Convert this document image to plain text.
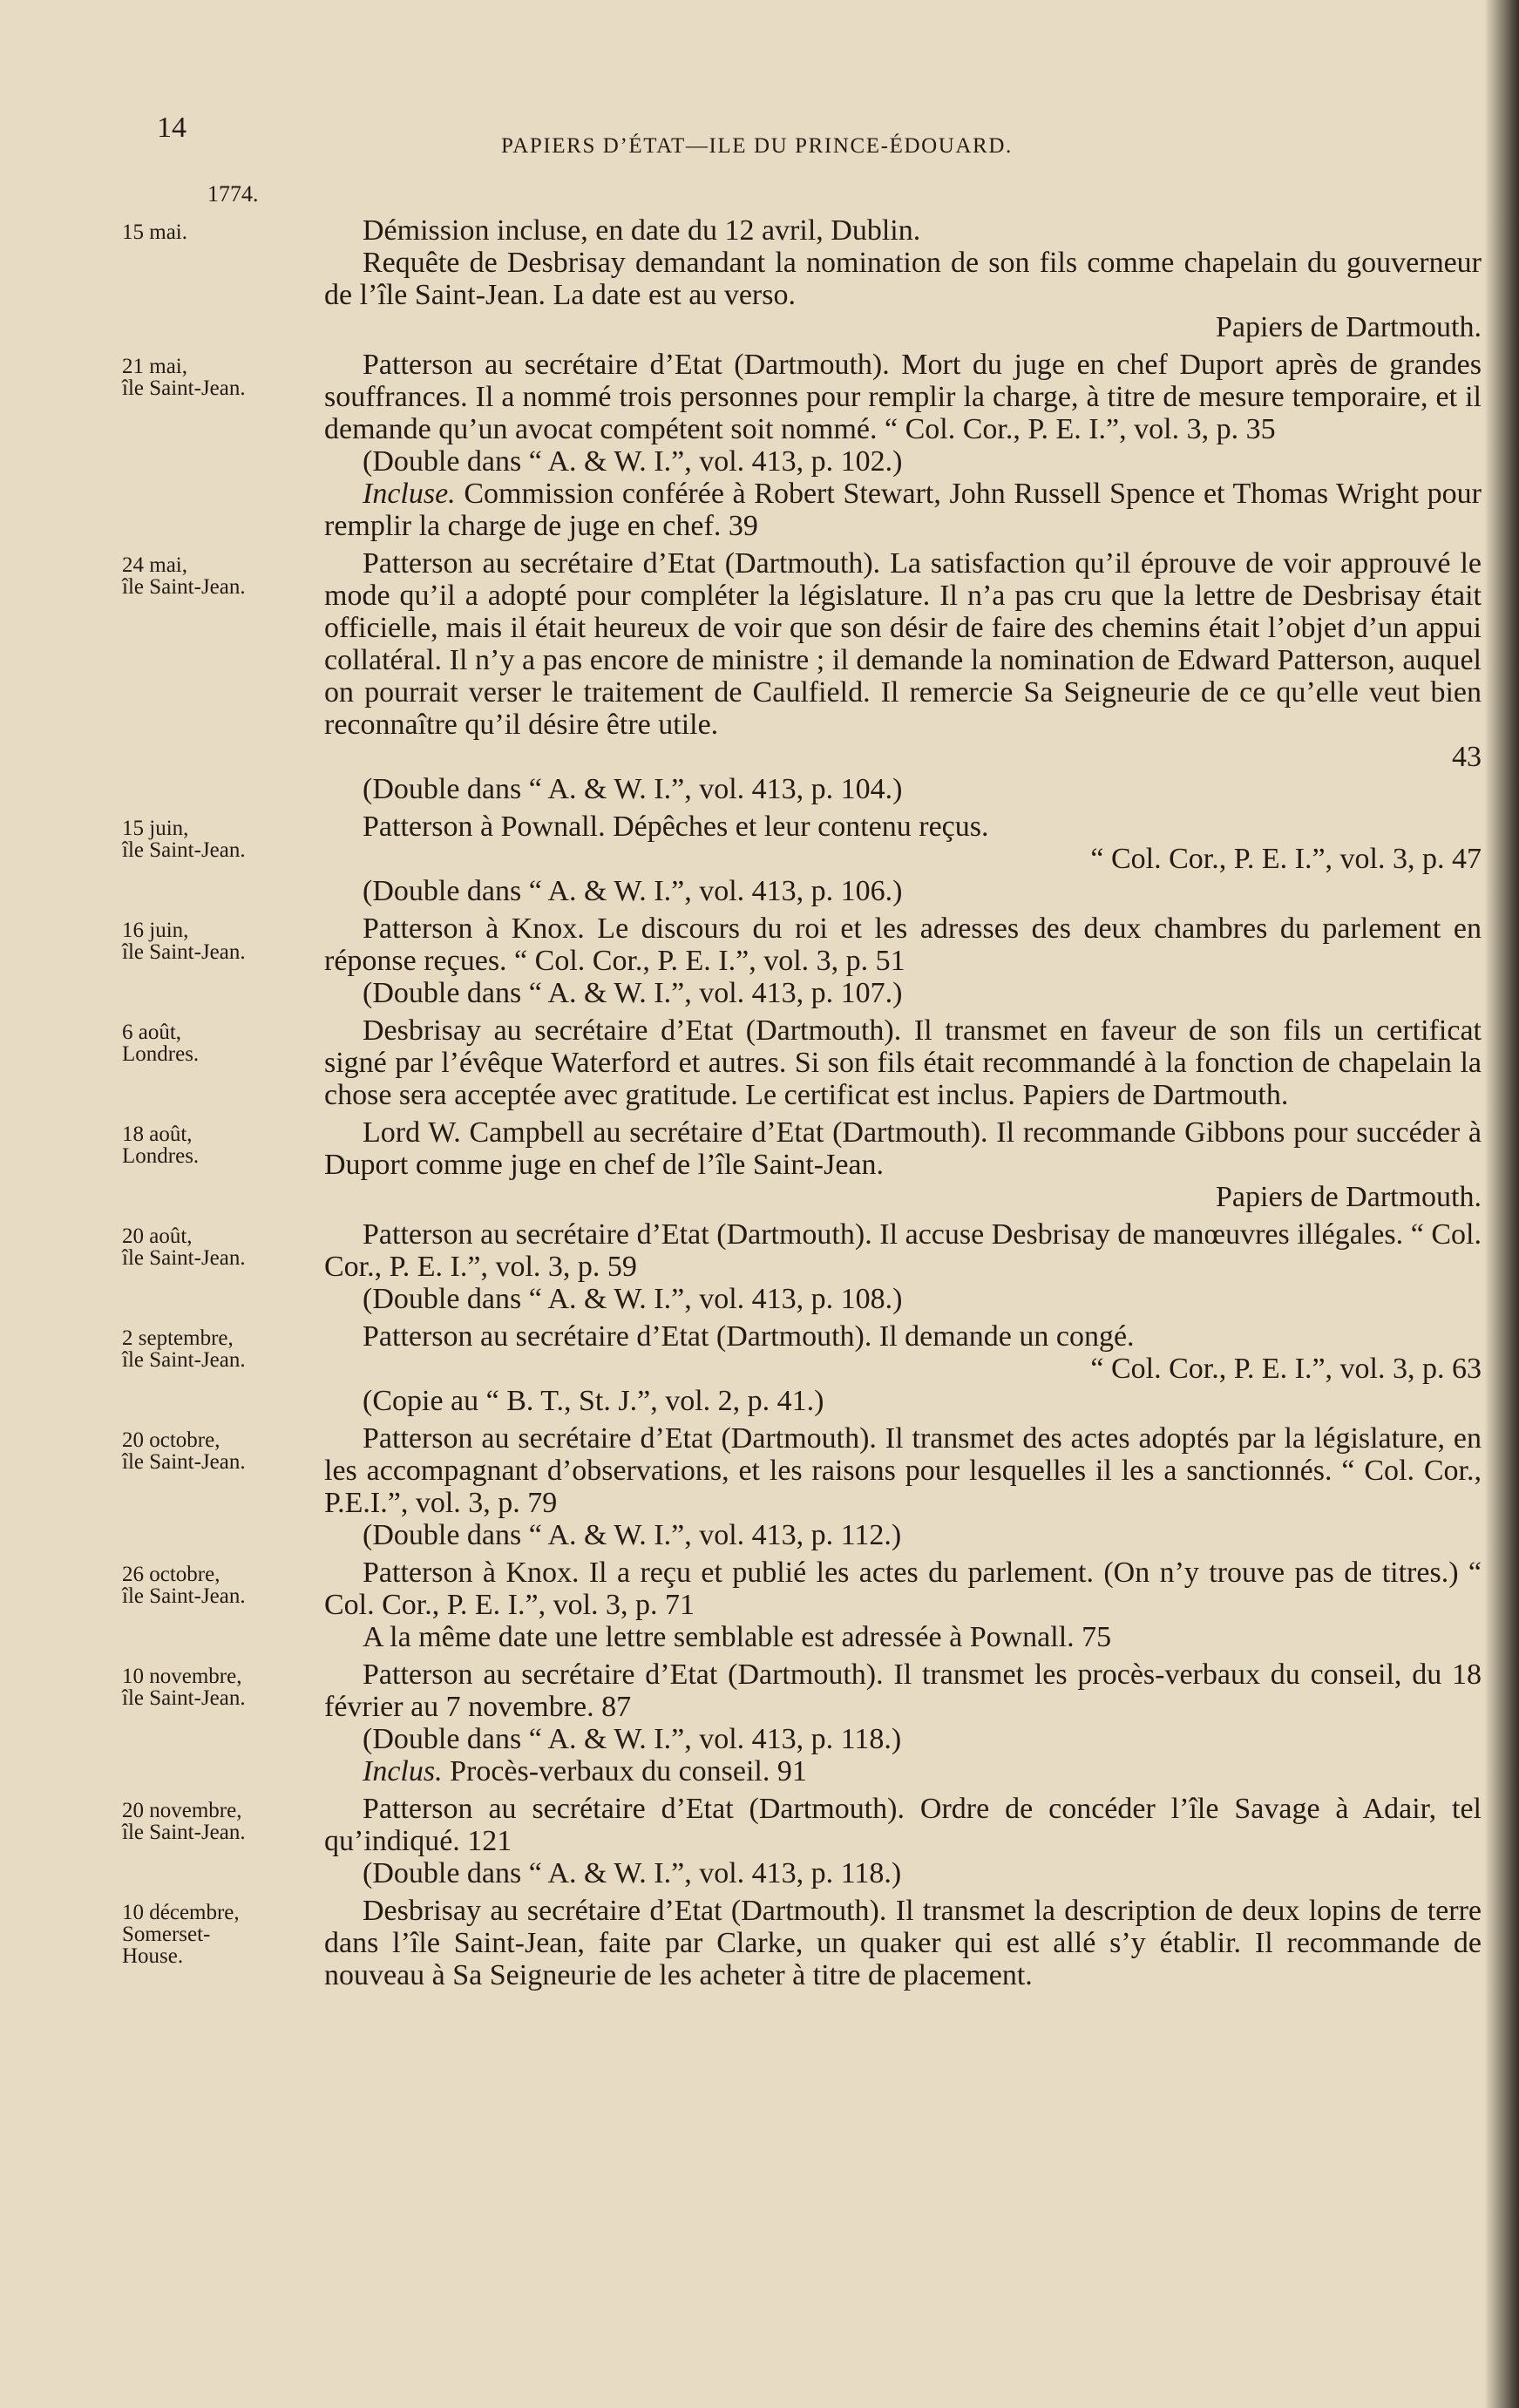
14
PAPIERS D’ÉTAT—ILE DU PRINCE-ÉDOUARD.
1774.
15 mai.	Démission incluse, en date du 12 avril, Dublin.
Requête de Desbrisay demandant la nomination de son fils comme chapelain du gouverneur de l’île Saint-Jean. La date est au verso.
Papiers de Dartmouth.
21 mai,
île Saint-Jean.
Patterson au secrétaire d’Etat (Dartmouth). Mort du juge en chef Duport après de grandes souffrances. Il a nommé trois personnes pour remplir la charge, à titre de mesure temporaire, et il demande qu’un avocat compétent soit nommé. “ Col. Cor., P. E. I.”, vol. 3, p. 35
(Double dans “ A. & W. I.”, vol. 413, p. 102.)
Incluse. Commission conférée à Robert Stewart, John Russell Spence et Thomas Wright pour remplir la charge de juge en chef. 39
24 mai,
île Saint-Jean.
Patterson au secrétaire d’Etat (Dartmouth). La satisfaction qu’il éprouve de voir approuvé le mode qu’il a adopté pour compléter la législature. Il n’a pas cru que la lettre de Desbrisay était officielle, mais il était heureux de voir que son désir de faire des chemins était l’objet d’un appui collatéral. Il n’y a pas encore de ministre ; il demande la nomination de Edward Patterson, auquel on pourrait verser le traitement de Caulfield. Il remercie Sa Seigneurie de ce qu’elle veut bien reconnaître qu’il désire être utile.
43
(Double dans “ A. & W. I.”, vol. 413, p. 104.)
15 juin,
île Saint-Jean.
Patterson à Pownall. Dépêches et leur contenu reçus.
“ Col. Cor., P. E. I.”, vol. 3, p. 47
(Double dans “ A. & W. I.”, vol. 413, p. 106.)
16 juin,
île Saint-Jean.
Patterson à Knox. Le discours du roi et les adresses des deux chambres du parlement en réponse reçues. “ Col. Cor., P. E. I.”, vol. 3, p. 51
(Double dans “ A. & W. I.”, vol. 413, p. 107.)
6 août,
Londres.
Desbrisay au secrétaire d’Etat (Dartmouth). Il transmet en faveur de son fils un certificat signé par l’évêque Waterford et autres. Si son fils était recommandé à la fonction de chapelain la chose sera acceptée avec gratitude. Le certificat est inclus. Papiers de Dartmouth.
18 août,
Londres.
Lord W. Campbell au secrétaire d’Etat (Dartmouth). Il recommande Gibbons pour succéder à Duport comme juge en chef de l’île Saint-Jean.
Papiers de Dartmouth.
20 août,
île Saint-Jean.
Patterson au secrétaire d’Etat (Dartmouth). Il accuse Desbrisay de manœuvres illégales. “ Col. Cor., P. E. I.”, vol. 3, p. 59
(Double dans “ A. & W. I.”, vol. 413, p. 108.)
2 septembre,
île Saint-Jean.
Patterson au secrétaire d’Etat (Dartmouth). Il demande un congé.
“ Col. Cor., P. E. I.”, vol. 3, p. 63
(Copie au “ B. T., St. J.”, vol. 2, p. 41.)
20 octobre,
île Saint-Jean.
Patterson au secrétaire d’Etat (Dartmouth). Il transmet des actes adoptés par la législature, en les accompagnant d’observations, et les raisons pour lesquelles il les a sanctionnés. “ Col. Cor., P.E.I.”, vol. 3, p. 79
(Double dans “ A. & W. I.”, vol. 413, p. 112.)
26 octobre,
île Saint-Jean.
Patterson à Knox. Il a reçu et publié les actes du parlement. (On n’y trouve pas de titres.) “ Col. Cor., P. E. I.”, vol. 3, p. 71
A la même date une lettre semblable est adressée à Pownall. 75
10 novembre,
île Saint-Jean.
Patterson au secrétaire d’Etat (Dartmouth). Il transmet les procès-verbaux du conseil, du 18 février au 7 novembre. 87
(Double dans “ A. & W. I.”, vol. 413, p. 118.)
Inclus. Procès-verbaux du conseil. 91
20 novembre,
île Saint-Jean.
Patterson au secrétaire d’Etat (Dartmouth). Ordre de concéder l’île Savage à Adair, tel qu’indiqué. 121
(Double dans “ A. & W. I.”, vol. 413, p. 118.)
10 décembre,
Somerset-
House.
Desbrisay au secrétaire d’Etat (Dartmouth). Il transmet la description de deux lopins de terre dans l’île Saint-Jean, faite par Clarke, un quaker qui est allé s’y établir. Il recommande de nouveau à Sa Seigneurie de les acheter à titre de placement.
